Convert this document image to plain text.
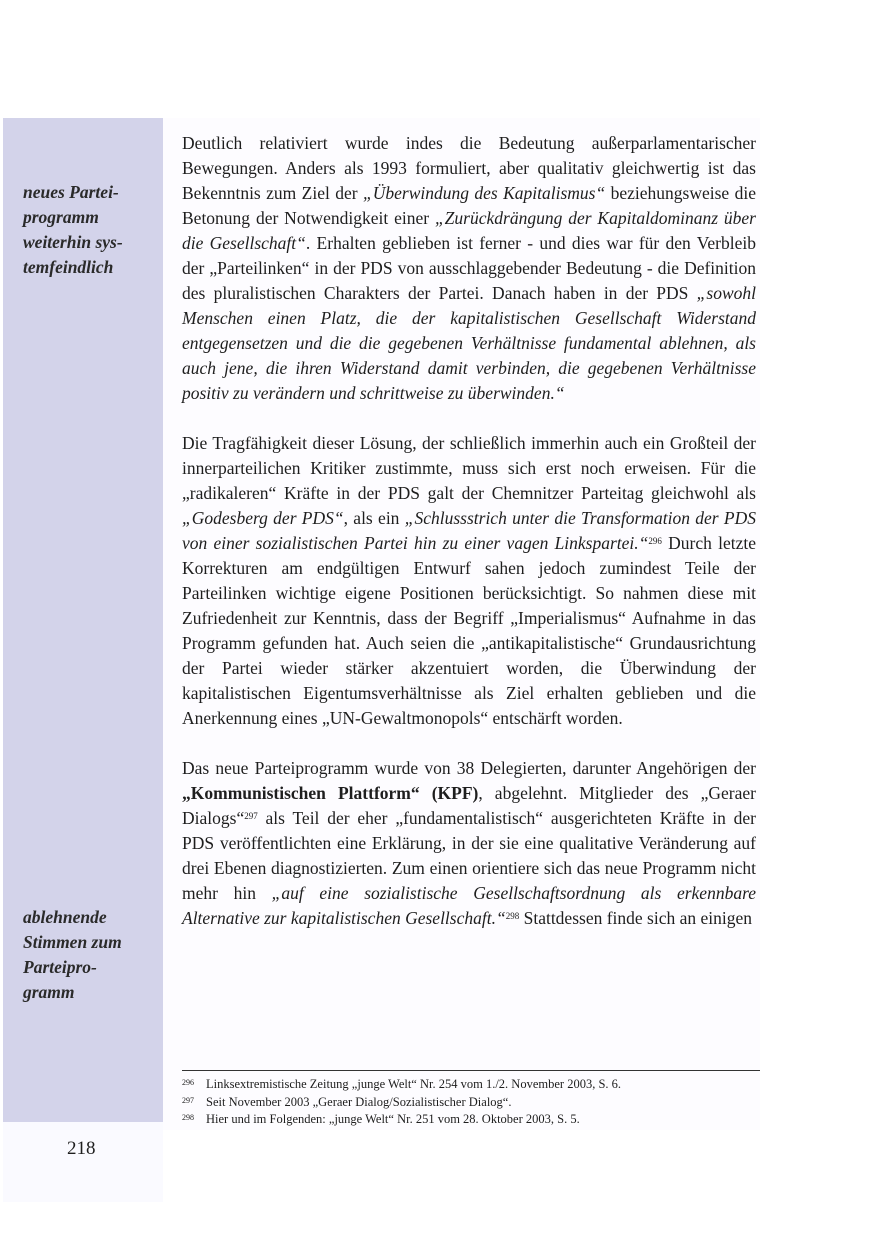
neues Partei-
programm
weiterhin sys-
temfeindlich
ablehnende
Stimmen zum
Parteipro-
gramm

Deutlich relativiert wurde indes die Bedeutung außerparlamentarischer Bewegungen. Anders als 1993 formuliert, aber qualitativ gleichwertig ist das Bekenntnis zum Ziel der „Überwindung des Kapitalismus“ beziehungsweise die Betonung der Notwendigkeit einer „Zurückdrängung der Kapitaldominanz über die Gesellschaft“. Erhalten geblieben ist ferner - und dies war für den Verbleib der „Parteilinken“ in der PDS von ausschlaggebender Bedeutung - die Definition des pluralistischen Charakters der Partei. Danach haben in der PDS „sowohl Menschen einen Platz, die der kapitalistischen Gesellschaft Widerstand entgegensetzen und die die gegebenen Verhältnisse fundamental ablehnen, als auch jene, die ihren Widerstand damit verbinden, die gegebenen Verhältnisse positiv zu verändern und schrittweise zu überwinden.“

Die Tragfähigkeit dieser Lösung, der schließlich immerhin auch ein Großteil der innerparteilichen Kritiker zustimmte, muss sich erst noch erweisen. Für die „radikaleren“ Kräfte in der PDS galt der Chemnitzer Parteitag gleichwohl als „Godesberg der PDS“, als ein „Schlussstrich unter die Transformation der PDS von einer sozialistischen Partei hin zu einer vagen Linkspartei.“$^{296}$ Durch letzte Korrekturen am endgültigen Entwurf sahen jedoch zumindest Teile der Parteilinken wichtige eigene Positionen berücksichtigt. So nahmen diese mit Zufriedenheit zur Kenntnis, dass der Begriff „Imperialismus“ Aufnahme in das Programm gefunden hat. Auch seien die „antikapitalistische“ Grundausrichtung der Partei wieder stärker akzentuiert worden, die Überwindung der kapitalistischen Eigentumsverhältnisse als Ziel erhalten geblieben und die Anerkennung eines „UN-Gewaltmonopols“ entschärft worden.

Das neue Parteiprogramm wurde von 38 Delegierten, darunter Angehörigen der „Kommunistischen Plattform“ (KPF), abgelehnt. Mitglieder des „Geraer Dialogs“$^{297}$ als Teil der eher „fundamentalistisch“ ausgerichteten Kräfte in der PDS veröffentlichten eine Erklärung, in der sie eine qualitative Veränderung auf drei Ebenen diagnostizierten. Zum einen orientiere sich das neue Programm nicht mehr hin „auf eine sozialistische Gesellschaftsordnung als erkennbare Alternative zur kapitalistischen Gesellschaft.“$^{298}$ Stattdessen finde sich an einigen

296 Linksextremistische Zeitung „junge Welt“ Nr. 254 vom 1./2. November 2003, S. 6.
297 Seit November 2003 „Geraer Dialog/Sozialistischer Dialog“.
298 Hier und im Folgenden: „junge Welt“ Nr. 251 vom 28. Oktober 2003, S. 5.
218
